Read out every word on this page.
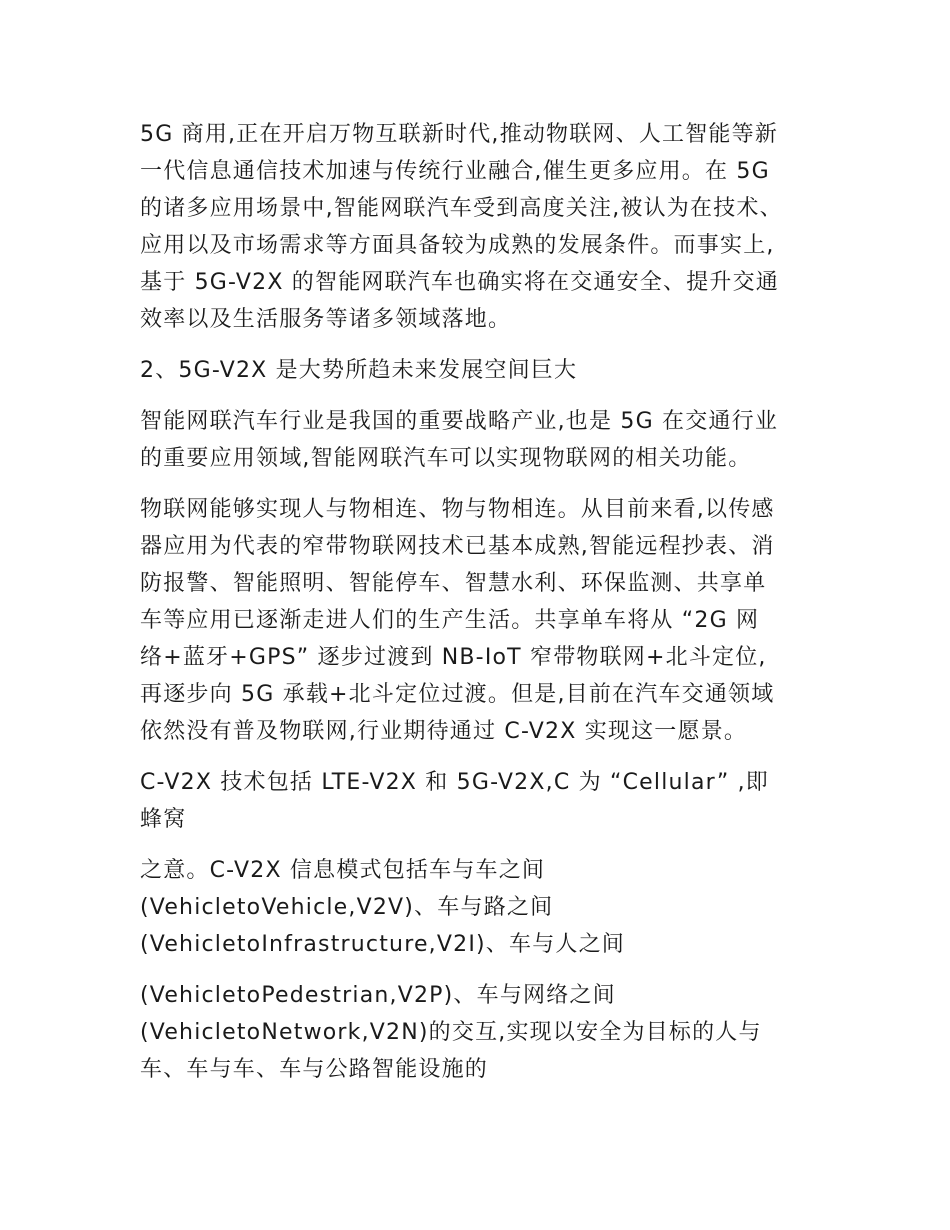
5G 商用,正在开启万物互联新时代,推动物联网、人工智能等新
一代信息通信技术加速与传统行业融合,催生更多应用。在 5G
的诸多应用场景中,智能网联汽车受到高度关注,被认为在技术、
应用以及市场需求等方面具备较为成熟的发展条件。而事实上,
基于 5G-V2X 的智能网联汽车也确实将在交通安全、提升交通
效率以及生活服务等诸多领域落地。

2、5G-V2X 是大势所趋未来发展空间巨大

智能网联汽车行业是我国的重要战略产业,也是 5G 在交通行业
的重要应用领域,智能网联汽车可以实现物联网的相关功能。

物联网能够实现人与物相连、物与物相连。从目前来看,以传感
器应用为代表的窄带物联网技术已基本成熟,智能远程抄表、消
防报警、智能照明、智能停车、智慧水利、环保监测、共享单
车等应用已逐渐走进人们的生产生活。共享单车将从 “2G 网
络+蓝牙+GPS” 逐步过渡到 NB-IoT 窄带物联网+北斗定位,
再逐步向 5G 承载+北斗定位过渡。但是,目前在汽车交通领域
依然没有普及物联网,行业期待通过 C-V2X 实现这一愿景。

C-V2X 技术包括 LTE-V2X 和 5G-V2X,C 为 “Cellular” ,即
蜂窝

之意。C-V2X 信息模式包括车与车之间
(VehicletoVehicle,V2V)、车与路之间
(VehicletoInfrastructure,V2I)、车与人之间

(VehicletoPedestrian,V2P)、车与网络之间
(VehicletoNetwork,V2N)的交互,实现以安全为目标的人与
车、车与车、车与公路智能设施的
